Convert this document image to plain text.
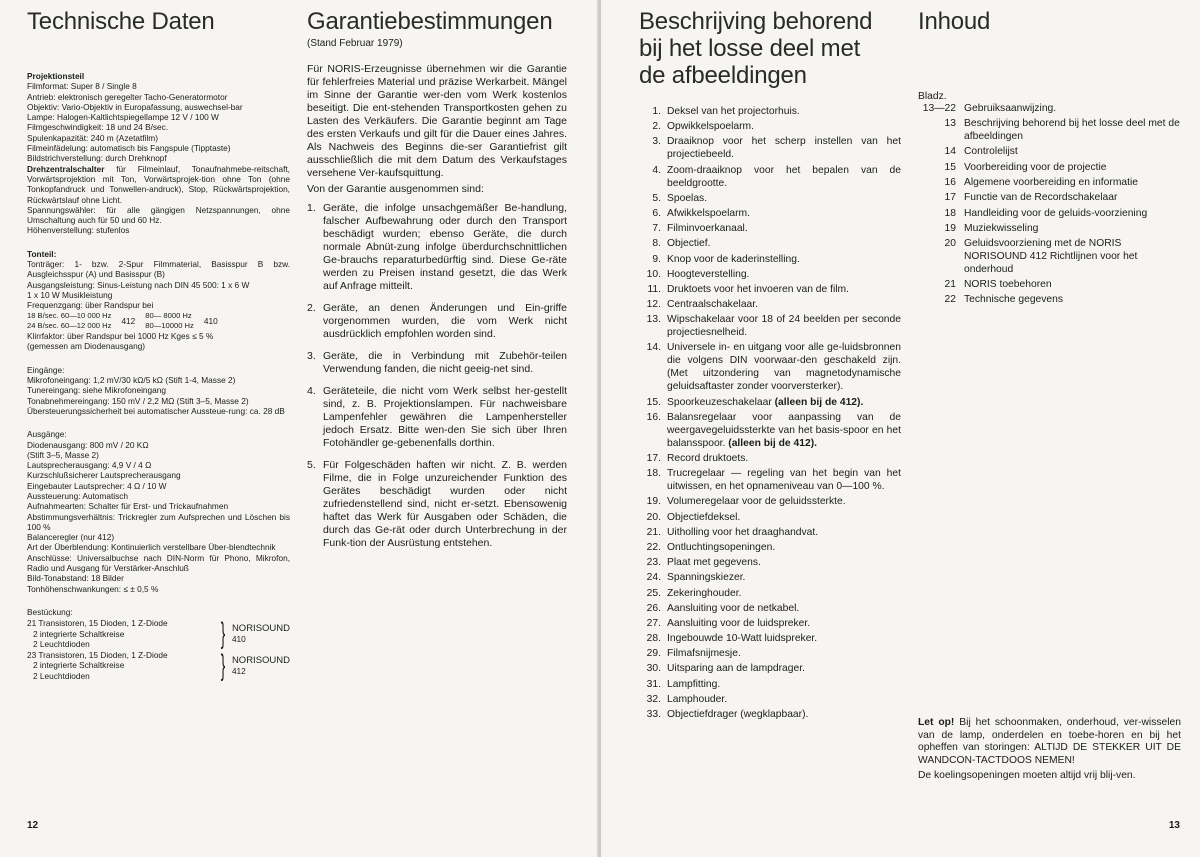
Technische Daten

Projektionsteil

Filmformat: Super 8 / Single 8

Antrieb: elektronisch geregelter Tacho-Generatormotor

Objektiv: Vario-Objektiv in Europafassung, auswechsel-bar

Lampe: Halogen-Kaltlichtspiegellampe 12 V / 100 W

Filmgeschwindigkeit: 18 und 24 B/sec.

Spulenkapazität: 240 m (Azetatfilm)

Filmeinfädelung: automatisch bis Fangspule (Tipptaste)

Bildstrichverstellung: durch Drehknopf

Drehzentralschalter für Filmeinlauf, Tonaufnahmebe-reitschaft, Vorwärtsprojektion mit Ton, Vorwärtsprojek-tion ohne Ton (ohne Tonkopfandruck und Tonwellen-andruck), Stop, Rückwärtsprojektion, Rückwärtslauf ohne Licht.

Spannungswähler: für alle gängigen Netzspannungen, ohne Umschaltung auch für 50 und 60 Hz.

Höhenverstellung: stufenlos

Tonteil:

Tonträger: 1- bzw. 2-Spur Filmmaterial, Basisspur B bzw. Ausgleichsspur (A) und Basisspur (B)

Ausgangsleistung: Sinus-Leistung nach DIN 45 500: 1 x 6 W

1 x 10 W Musikleistung

Frequenzgang: über Randspur bei

18 B/sec. 60—10 000 Hz
24 B/sec. 60—12 000 Hz 412
80— 8000 Hz
80—10000 Hz 410

Klirrfaktor: über Randspur bei 1000 Hz Kges ≤ 5 %

(gemessen am Diodenausgang)

Eingänge:

Mikrofoneingang: 1,2 mV/30 kΩ/5 kΩ (Stift 1-4, Masse 2)

Tunereingang: siehe Mikrofoneingang

Tonabnehmereingang: 150 mV / 2,2 MΩ (Stift 3–5, Masse 2)

Übersteuerungssicherheit bei automatischer Aussteue-rung: ca. 28 dB

Ausgänge:

Diodenausgang: 800 mV / 20 KΩ

(Stift 3–5, Masse 2)

Lautsprecherausgang: 4,9 V / 4 Ω

Kurzschlußsicherer Lautsprecherausgang

Eingebauter Lautsprecher: 4 Ω / 10 W

Aussteuerung: Automatisch

Aufnahmearten: Schalter für Erst- und Trickaufnahmen

Abstimmungsverhältnis: Trickregler zum Aufsprechen und Löschen bis 100 %

Balanceregler (nur 412)

Art der Überblendung: Kontinuierlich verstellbare Über-blendtechnik

Anschlüsse: Universalbuchse nach DIN-Norm für Phono, Mikrofon, Radio und Ausgang für Verstärker-Anschluß

Bild-Tonabstand: 18 Bilder

Tonhöhenschwankungen: ≤ ± 0,5 %

Bestückung:

21 Transistoren, 15 Dioden, 1 Z-Diode
2 integrierte Schaltkreise
2 Leuchtdioden	} NORISOUND
410
23 Transistoren, 15 Dioden, 1 Z-Diode
2 integrierte Schaltkreise
2 Leuchtdioden	} NORISOUND
412
Garantiebestimmungen
(Stand Februar 1979)

Für NORIS-Erzeugnisse übernehmen wir die Garantie für fehlerfreies Material und präzise Werkarbeit. Mängel im Sinne der Garantie wer-den vom Werk kostenlos beseitigt. Die ent-stehenden Transportkosten gehen zu Lasten des Verkäufers. Die Garantie beginnt am Tage des ersten Verkaufs und gilt für die Dauer eines Jahres. Als Nachweis des Beginns die-ser Garantiefrist gilt ausschließlich die mit dem Datum des Verkaufstages versehene Ver-kaufsquittung.

Von der Garantie ausgenommen sind:

1. Geräte, die infolge unsachgemäßer Be-handlung, falscher Aufbewahrung oder durch den Transport beschädigt wurden; ebenso Geräte, die durch normale Abnüt-zung infolge überdurchschnittlichen Ge-brauchs reparaturbedürftig sind. Diese Ge-räte werden zu Preisen instand gesetzt, die das Werk auf Anfrage mitteilt.
2. Geräte, an denen Änderungen und Ein-griffe vorgenommen wurden, die vom Werk nicht ausdrücklich empfohlen worden sind.
3. Geräte, die in Verbindung mit Zubehör-teilen Verwendung fanden, die nicht geeig-net sind.
4. Geräteteile, die nicht vom Werk selbst her-gestellt sind, z. B. Projektionslampen. Für nachweisbare Lampenfehler gewähren die Lampenhersteller jedoch Ersatz. Bitte wen-den Sie sich über Ihren Fotohändler ge-gebenenfalls dorthin.
5. Für Folgeschäden haften wir nicht. Z. B. werden Filme, die in Folge unzureichender Funktion des Gerätes beschädigt wurden oder nicht zufriedenstellend sind, nicht er-setzt. Ebensowenig haftet das Werk für Ausgaben oder Schäden, die durch das Ge-rät oder durch Unterbrechung in der Funk-tion der Ausrüstung entstehen.
12
Beschrijving behorend
bij het losse deel met
de afbeeldingen
1. Deksel van het projectorhuis.
2. Opwikkelspoelarm.
3. Draaiknop voor het scherp instellen van het projectiebeeld.
4. Zoom-draaiknop voor het bepalen van de beeldgrootte.
5. Spoelas.
6. Afwikkelspoelarm.
7. Filminvoerkanaal.
8. Objectief.
9. Knop voor de kaderinstelling.
10. Hoogteverstelling.
11. Druktoets voor het invoeren van de film.
12. Centraalschakelaar.
13. Wipschakelaar voor 18 of 24 beelden per seconde projectiesnelheid.
14. Universele in- en uitgang voor alle ge-luidsbronnen die volgens DIN voorwaar-den geschakeld zijn. (Met uitzondering van magnetodynamische geluidsaftaster zonder voorversterker).
15. Spoorkeuzeschakelaar (alleen bij de 412).
16. Balansregelaar voor aanpassing van de weergavegeluidssterkte van het basis-spoor en het balansspoor. (alleen bij de 412).
17. Record druktoets.
18. Trucregelaar — regeling van het begin van het uitwissen, en het opnameniveau van 0—100 %.
19. Volumeregelaar voor de geluidssterkte.
20. Objectiefdeksel.
21. Uitholling voor het draaghandvat.
22. Ontluchtingsopeningen.
23. Plaat met gegevens.
24. Spanningskiezer.
25. Zekeringhouder.
26. Aansluiting voor de netkabel.
27. Aansluiting voor de luidspreker.
28. Ingebouwde 10-Watt luidspreker.
29. Filmafsnijmesje.
30. Uitsparing aan de lampdrager.
31. Lampfitting.
32. Lamphouder.
33. Objectiefdrager (wegklapbaar).
Inhoud
Bladz.
13—22 Gebruiksaanwijzing.
13 Beschrijving behorend bij het losse deel met de afbeeldingen
14 Controlelijst
15 Voorbereiding voor de projectie
16 Algemene voorbereiding en informatie
17 Functie van de Recordschakelaar
18 Handleiding voor de geluids-voorziening
19 Muziekwisseling
20 Geluidsvoorziening met de NORIS NORISOUND 412 Richtlijnen voor het onderhoud
21 NORIS toebehoren
22 Technische gegevens

Let op! Bij het schoonmaken, onderhoud, ver-wisselen van de lamp, onderdelen en toebe-horen en bij het opheffen van storingen: ALTIJD DE STEKKER UIT DE WANDCON-TACTDOOS NEMEN!

De koelingsopeningen moeten altijd vrij blij-ven.

13
